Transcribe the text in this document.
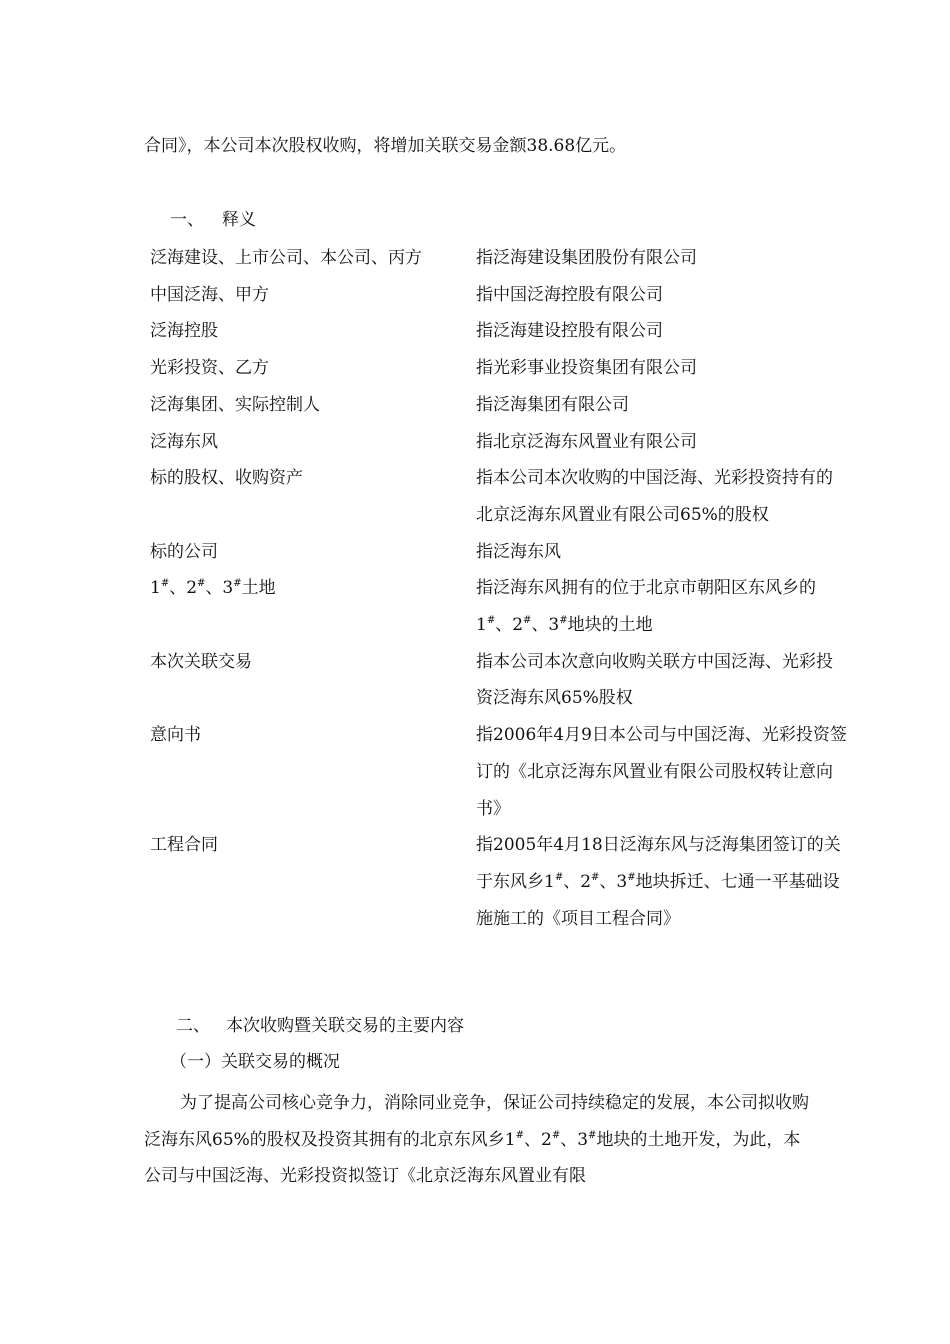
合同》，本公司本次股权收购，将增加关联交易金额38.68亿元。
一、 释义
泛海建设、上市公司、本公司、丙方	指泛海建设集团股份有限公司
中国泛海、甲方	指中国泛海控股有限公司
泛海控股	指泛海建设控股有限公司
光彩投资、乙方	指光彩事业投资集团有限公司
泛海集团、实际控制人	指泛海集团有限公司
泛海东风	指北京泛海东风置业有限公司
标的股权、收购资产	指本公司本次收购的中国泛海、光彩投资持有的北京泛海东风置业有限公司65%的股权
标的公司	指泛海东风
1#、2#、3#土地	指泛海东风拥有的位于北京市朝阳区东风乡的1#、2#、3#地块的土地
本次关联交易	指本公司本次意向收购关联方中国泛海、光彩投资泛海东风65%股权
意向书	指2006年4月9日本公司与中国泛海、光彩投资签订的《北京泛海东风置业有限公司股权转让意向书》
工程合同	指2005年4月18日泛海东风与泛海集团签订的关于东风乡1#、2#、3#地块拆迁、七通一平基础设施施工的《项目工程合同》
二、 本次收购暨关联交易的主要内容
（一）关联交易的概况
为了提高公司核心竞争力，消除同业竞争，保证公司持续稳定的发展，本公司拟收购泛海东风65%的股权及投资其拥有的北京东风乡1#、2#、3#地块的土地开发，为此，本公司与中国泛海、光彩投资拟签订《北京泛海东风置业有限
